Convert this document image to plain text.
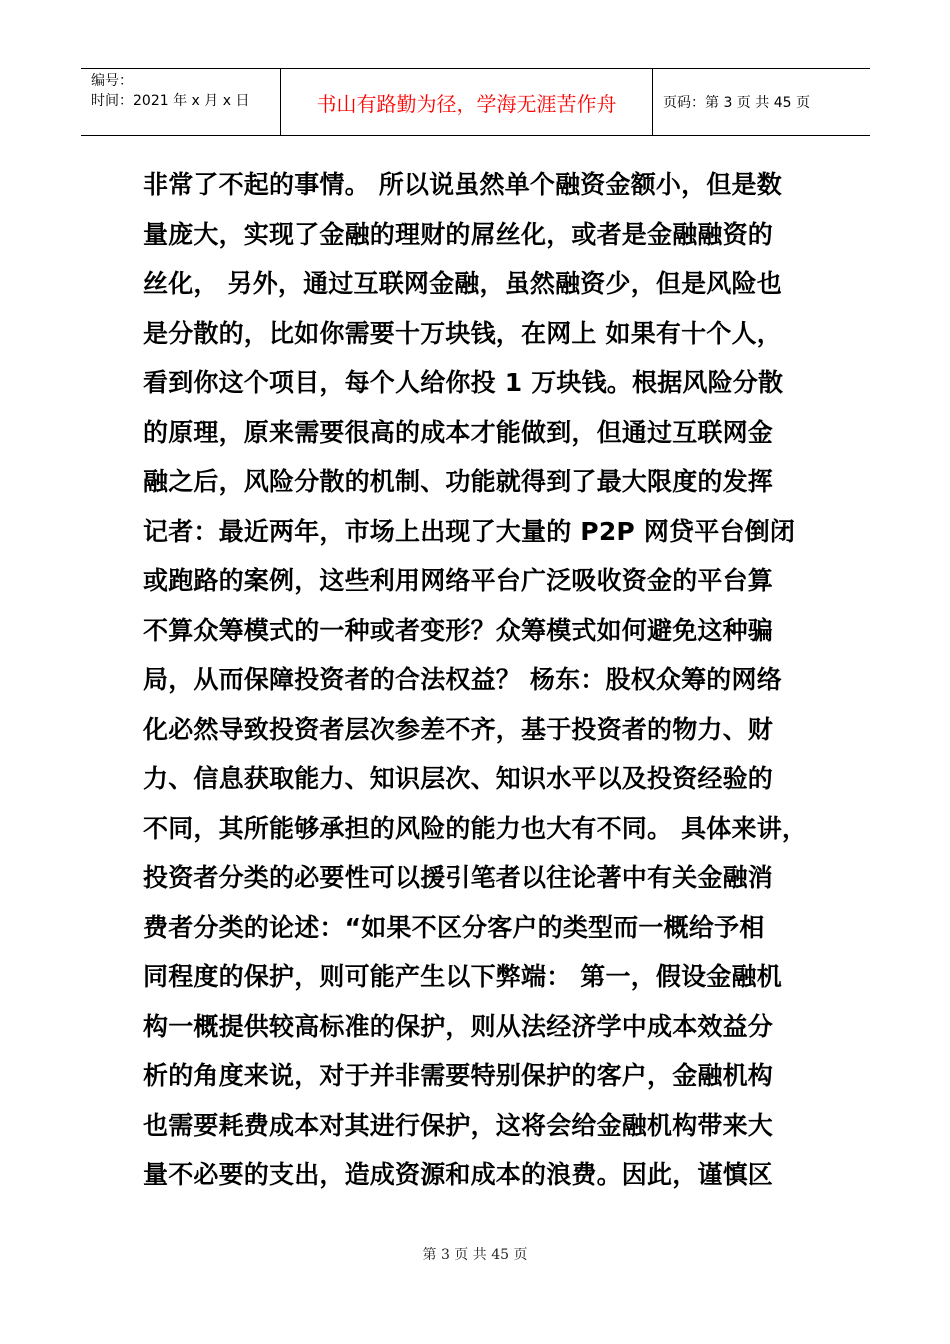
编号：
时间：2021 年 x 月 x 日	书山有路勤为径，学海无涯苦作舟	页码：第 3 页 共 45 页
非常了不起的事情。 所以说虽然单个融资金额小，但是数
量庞大，实现了金融的理财的屌丝化，或者是金融融资的
丝化， 另外，通过互联网金融，虽然融资少，但是风险也
是分散的，比如你需要十万块钱，在网上 如果有十个人，
看到你这个项目，每个人给你投 1 万块钱。根据风险分散
的原理，原来需要很高的成本才能做到，但通过互联网金
融之后，风险分散的机制、功能就得到了最大限度的发挥
记者：最近两年，市场上出现了大量的 P2P 网贷平台倒闭
或跑路的案例，这些利用网络平台广泛吸收资金的平台算
不算众筹模式的一种或者变形？众筹模式如何避免这种骗
局，从而保障投资者的合法权益？ 杨东：股权众筹的网络
化必然导致投资者层次参差不齐，基于投资者的物力、财
力、信息获取能力、知识层次、知识水平以及投资经验的
不同，其所能够承担的风险的能力也大有不同。 具体来讲，
投资者分类的必要性可以援引笔者以往论著中有关金融消
费者分类的论述：“如果不区分客户的类型而一概给予相
同程度的保护，则可能产生以下弊端： 第一，假设金融机
构一概提供较高标准的保护，则从法经济学中成本效益分
析的角度来说，对于并非需要特别保护的客户，金融机构
也需要耗费成本对其进行保护，这将会给金融机构带来大
量不必要的支出，造成资源和成本的浪费。因此，谨慎区
第 3 页 共 45 页
